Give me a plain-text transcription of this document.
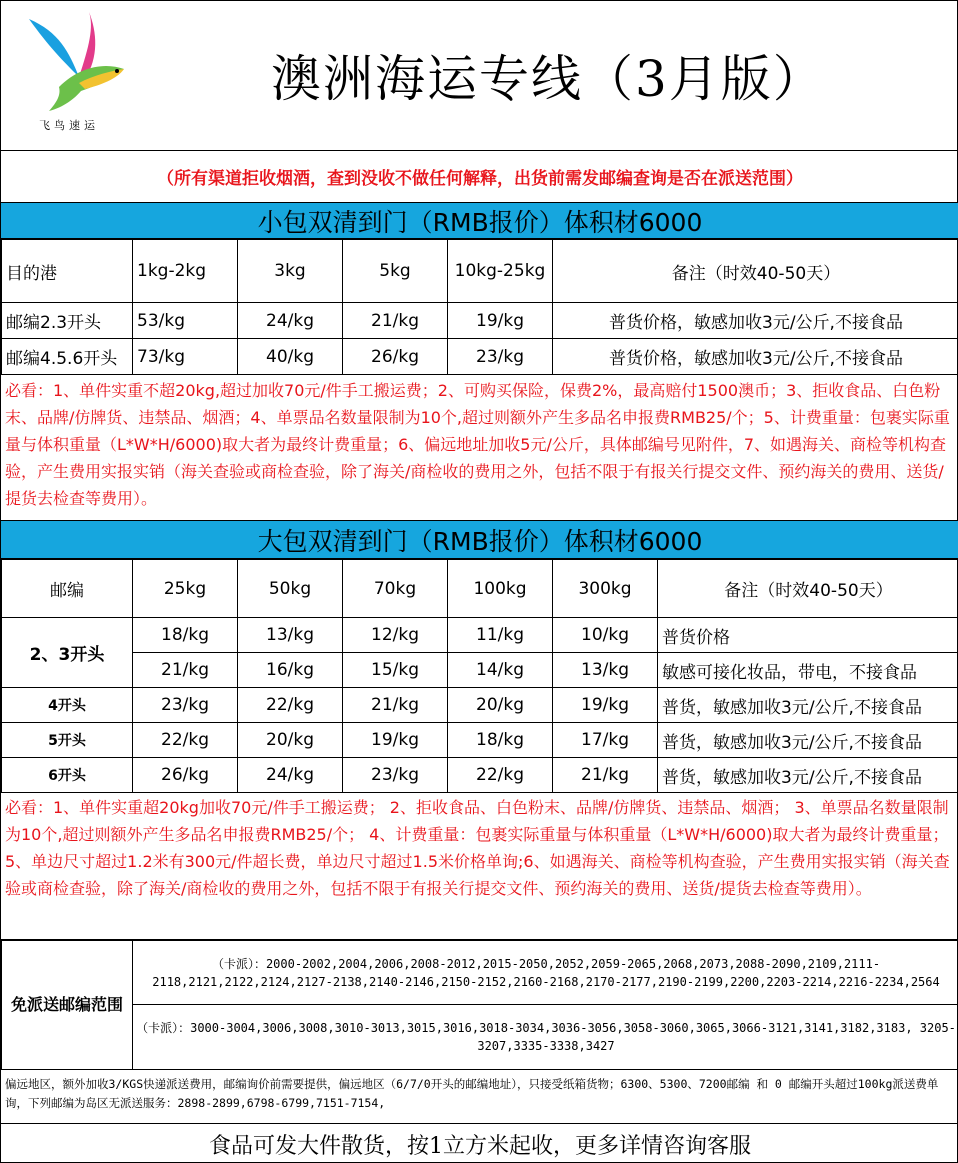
飞鸟速运
澳洲海运专线（3月版）
（所有渠道拒收烟酒，查到没收不做任何解释，出货前需发邮编查询是否在派送范围）
小包双清到门（RMB报价）体积材6000
目的港	1kg-2kg	3kg	5kg	10kg-25kg	备注（时效40-50天）
邮编2.3开头	53/kg	24/kg	21/kg	19/kg	普货价格，敏感加收3元/公斤,不接食品
邮编4.5.6开头	73/kg	40/kg	26/kg	23/kg	普货价格，敏感加收3元/公斤,不接食品
必看：1、单件实重不超20kg,超过加收70元/件手工搬运费；2、可购买保险，保费2%，最高赔付1500澳币；3、拒收食品、白色粉末、品牌/仿牌货、违禁品、烟酒；4、单票品名数量限制为10个,超过则额外产生多品名申报费RMB25/个；5、计费重量：包裹实际重量与体积重量（L*W*H/6000)取大者为最终计费重量；6、偏远地址加收5元/公斤，具体邮编号见附件，7、如遇海关、商检等机构查验，产生费用实报实销（海关查验或商检查验，除了海关/商检收的费用之外，包括不限于有报关行提交文件、预约海关的费用、送货/提货去检查等费用）。
大包双清到门（RMB报价）体积材6000
邮编	25kg	50kg	70kg	100kg	300kg	备注（时效40-50天）
2、3开头	18/kg	13/kg	12/kg	11/kg	10/kg	普货价格
	21/kg	16/kg	15/kg	14/kg	13/kg	敏感可接化妆品，带电，不接食品
4开头	23/kg	22/kg	21/kg	20/kg	19/kg	普货，敏感加收3元/公斤,不接食品
5开头	22/kg	20/kg	19/kg	18/kg	17/kg	普货，敏感加收3元/公斤,不接食品
6开头	26/kg	24/kg	23/kg	22/kg	21/kg	普货，敏感加收3元/公斤,不接食品
必看：1、单件实重超20kg加收70元/件手工搬运费； 2、拒收食品、白色粉末、品牌/仿牌货、违禁品、烟酒； 3、单票品名数量限制为10个,超过则额外产生多品名申报费RMB25/个； 4、计费重量：包裹实际重量与体积重量（L*W*H/6000)取大者为最终计费重量； 5、单边尺寸超过1.2米有300元/件超长费，单边尺寸超过1.5米价格单询;6、如遇海关、商检等机构查验，产生费用实报实销（海关查验或商检查验，除了海关/商检收的费用之外，包括不限于有报关行提交文件、预约海关的费用、送货/提货去检查等费用）。
免派送邮编范围	（卡派）：2000-2002,2004,2006,2008-2012,2015-2050,2052,2059-2065,2068,2073,2088-2090,2109,2111-2118,2121,2122,2124,2127-2138,2140-2146,2150-2152,2160-2168,2170-2177,2190-2199,2200,2203-2214,2216-2234,2564
（卡派）：3000-3004,3006,3008,3010-3013,3015,3016,3018-3034,3036-3056,3058-3060,3065,3066-3121,3141,3182,3183, 3205-3207,3335-3338,3427
偏远地区，额外加收3/KGS快递派送费用，邮编询价前需要提供，偏远地区（6/7/0开头的邮编地址），只接受纸箱货物；6300、5300、7200邮编 和 0 邮编开头超过100kg派送费单询，下列邮编为岛区无派送服务：2898-2899,6798-6799,7151-7154,
食品可发大件散货，按1立方米起收，更多详情咨询客服
